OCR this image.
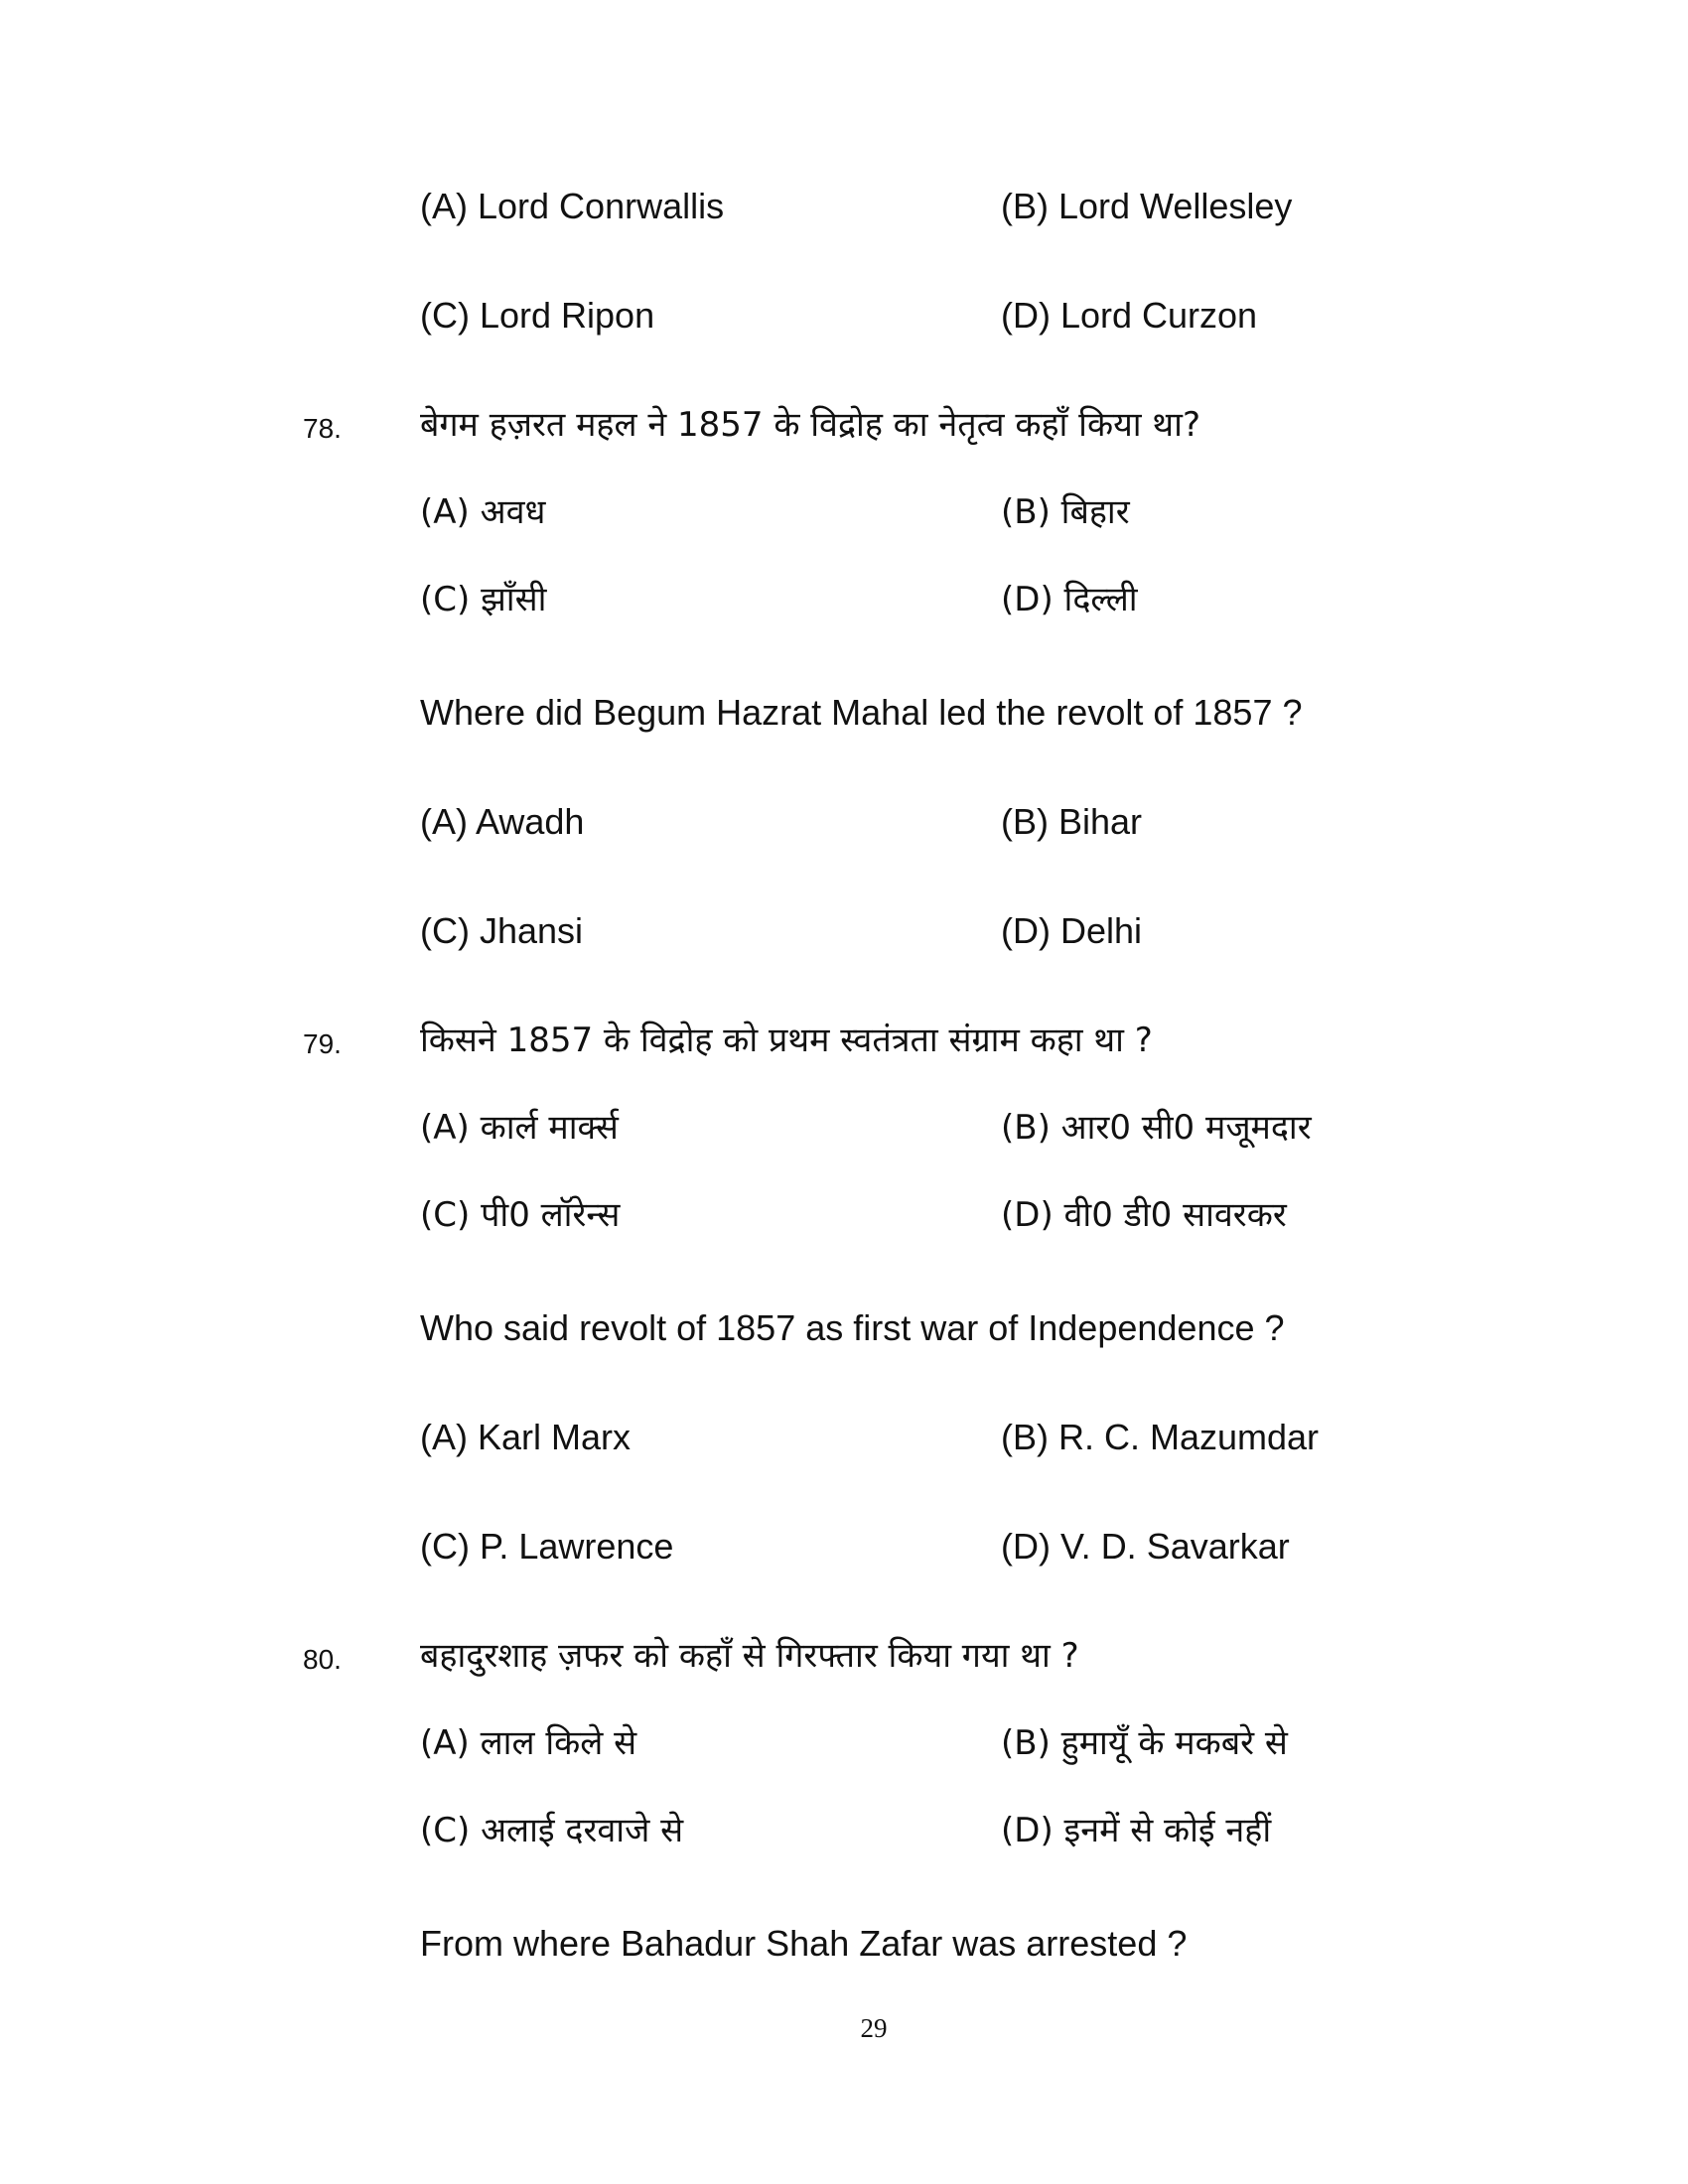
(A) Lord Conrwallis	(B) Lord Wellesley
(C) Lord Ripon	(D) Lord Curzon
78. बेगम हज़रत महल ने 1857 के विद्रोह का नेतृत्व कहाँ किया था?
(A) अवध	(B) बिहार
(C) झाँसी	(D) दिल्ली
Where did Begum Hazrat Mahal led the revolt of 1857 ?
(A) Awadh	(B) Bihar
(C) Jhansi	(D) Delhi
79. किसने 1857 के विद्रोह को प्रथम स्वतंत्रता संग्राम कहा था ?
(A) कार्ल मार्क्स	(B) आर0 सी0 मजूमदार
(C) पी0 लॉरेन्स	(D) वी0 डी0 सावरकर
Who said revolt of 1857 as first war of Independence ?
(A) Karl Marx	(B) R. C. Mazumdar
(C) P. Lawrence	(D) V. D. Savarkar
80. बहादुरशाह ज़फर को कहाँ से गिरफ्तार किया गया था ?
(A) लाल किले से	(B) हुमायूँ के मकबरे से
(C) अलाई दरवाजे से	(D) इनमें से कोई नहीं
From where Bahadur Shah Zafar was arrested ?
29
